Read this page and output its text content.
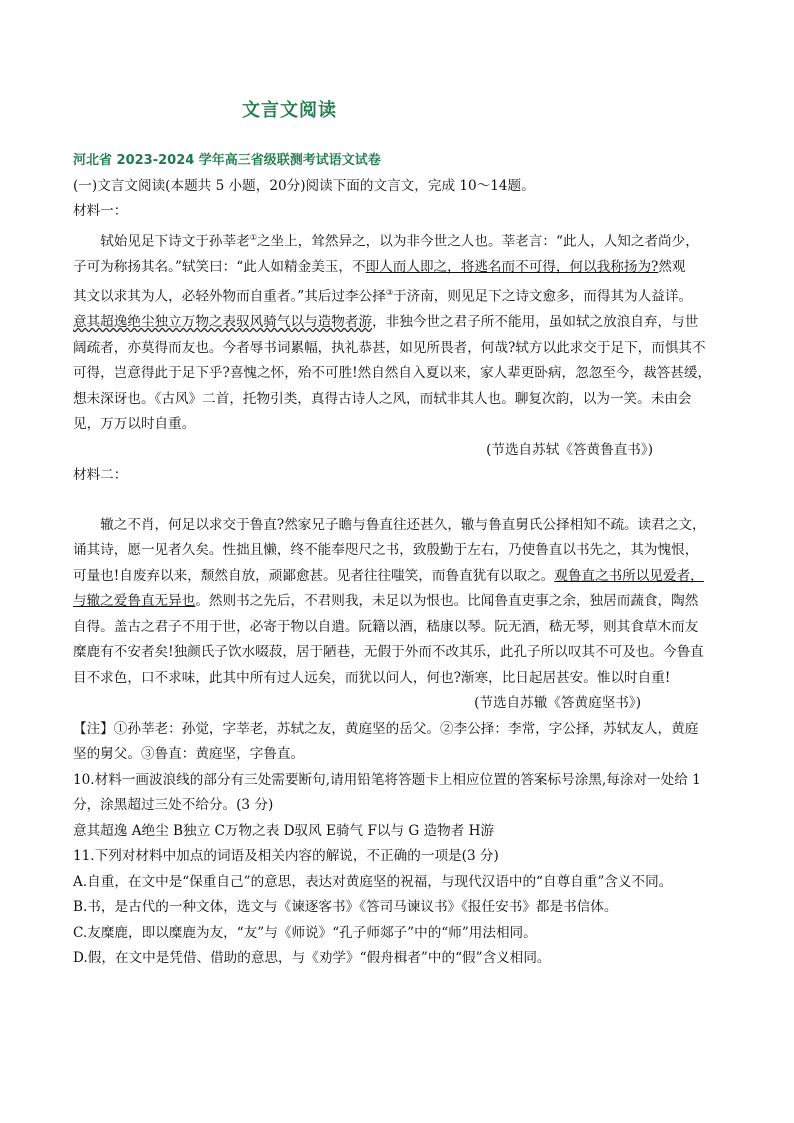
文言文阅读
河北省 2023-2024 学年高三省级联测考试语文试卷
(一)文言文阅读(本题共 5 小题，20分)阅读下面的文言文，完成 10～14题。
材料一：
轼始见足下诗文于孙莘老①之坐上，耸然异之，以为非今世之人也。莘老言：“此人，人知之者尚少，
子可为称扬其名。”轼笑曰：“此人如精金美玉，不即人而人即之，将逃名而不可得，何以我称扬为?然观
其文以求其为人，必轻外物而自重者。”其后过李公择③于济南，则见足下之诗文愈多，而得其为人益详。
意其超逸绝尘独立万物之表驭风骑气以与造物者游，非独今世之君子所不能用，虽如轼之放浪自弃，与世
阔疏者，亦莫得而友也。今者辱书词累幅，执礼恭甚，如见所畏者，何哉?轼方以此求交于足下，而惧其不
可得，岂意得此于足下乎?喜愧之怀，殆不可胜!然自然自入夏以来，家人辈更卧病，忽忽至今，裁答甚缓，
想未深讶也。《古风》二首，托物引类，真得古诗人之风，而轼非其人也。聊复次韵，以为一笑。未由会
见，万万以时自重。
(节选自苏轼《答黄鲁直书》)
材料二：
辙之不肖，何足以求交于鲁直?然家兄子瞻与鲁直往还甚久，辙与鲁直舅氏公择相知不疏。读君之文，
诵其诗，愿一见者久矣。性拙且懒，终不能奉咫尺之书，致殷勤于左右，乃使鲁直以书先之，其为愧恨，
可量也!自废弃以来，颓然自放，顽鄙愈甚。见者往往嗤笑，而鲁直犹有以取之。观鲁直之书所以见爱者，
与辙之爱鲁直无异也。然则书之先后，不君则我，未足以为恨也。比闻鲁直吏事之余，独居而蔬食，陶然
自得。盖古之君子不用于世，必寄于物以自遣。阮籍以酒，嵇康以琴。阮无酒，嵇无琴，则其食草木而友
糜鹿有不安者矣!独颜氏子饮水啜菽，居于陋巷，无假于外而不改其乐，此孔子所以叹其不可及也。今鲁直
目不求色，口不求味，此其中所有过人远矣，而犹以问人，何也?渐寒，比日起居甚安。惟以时自重!
(节选自苏辙《答黄庭坚书》)
【注】①孙莘老：孙觉，字莘老，苏轼之友，黄庭坚的岳父。②李公择：李常，字公择，苏轼友人，黄庭
坚的舅父。③鲁直：黄庭坚，字鲁直。
10.材料一画波浪线的部分有三处需要断句,请用铅笔将答题卡上相应位置的答案标号涂黑,每涂对一处给 1
分，涂黑超过三处不给分。(3 分)
意其超逸 A绝尘 B独立 C万物之表 D驭风 E骑气 F以与 G 造物者 H游
11.下列对材料中加点的词语及相关内容的解说，不正确的一项是(3 分)
A.自重，在文中是“保重自己”的意思，表达对黄庭坚的祝福，与现代汉语中的“自尊自重”含义不同。
B.书，是古代的一种文体，选文与《谏逐客书》《答司马谏议书》《报任安书》都是书信体。
C.友糜鹿，即以糜鹿为友，“友”与《师说》“孔子师郯子”中的“师”用法相同。
D.假，在文中是凭借、借助的意思，与《劝学》“假舟楫者”中的“假”含义相同。
